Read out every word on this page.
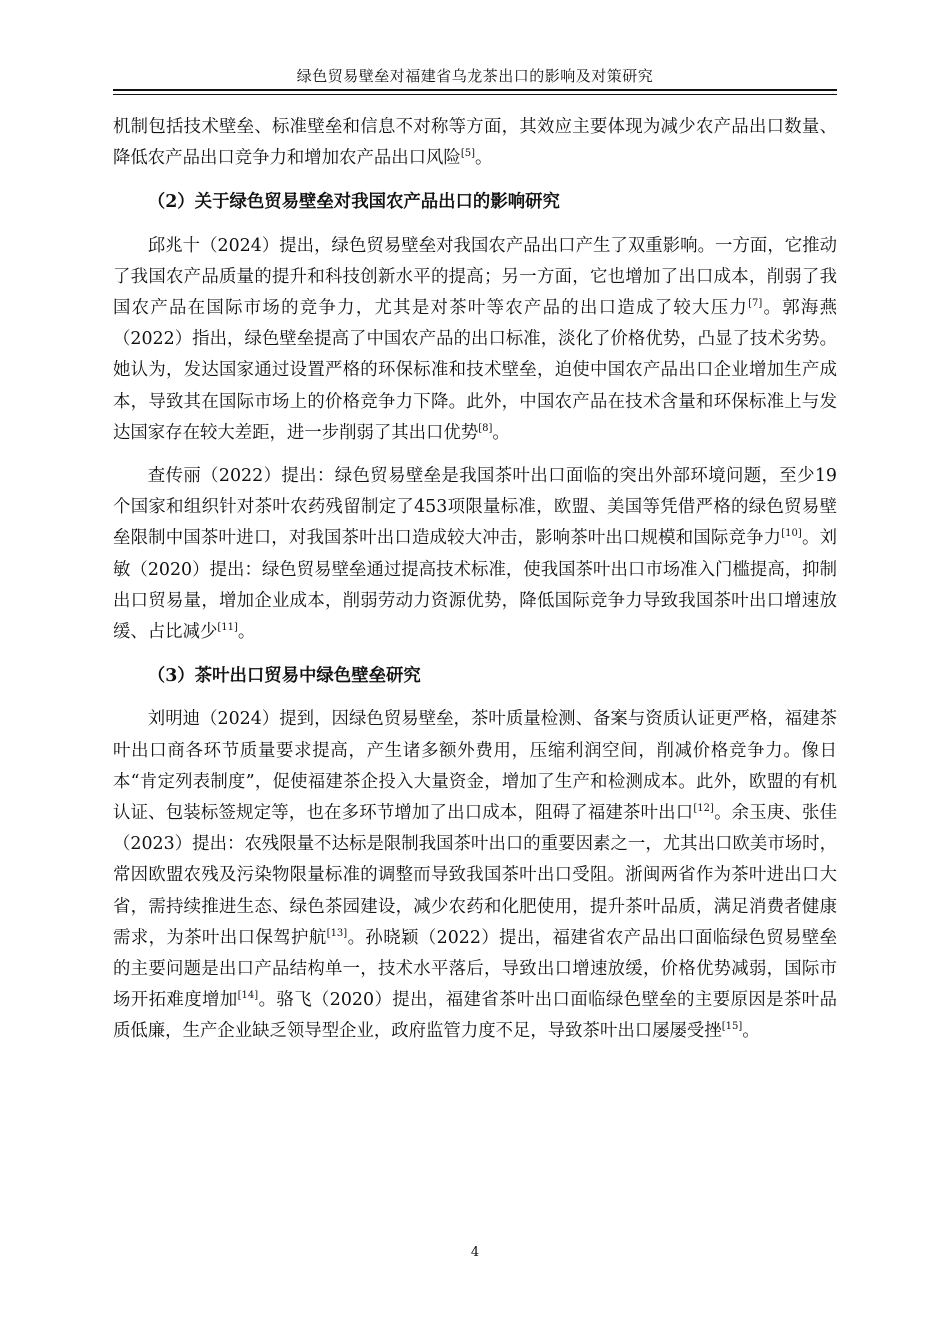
绿色贸易壁垒对福建省乌龙茶出口的影响及对策研究

机制包括技术壁垒、标准壁垒和信息不对称等方面，其效应主要体现为减少农产品出口数量、降低农产品出口竞争力和增加农产品出口风险[5]。

（2）关于绿色贸易壁垒对我国农产品出口的影响研究

邱兆十（2024）提出，绿色贸易壁垒对我国农产品出口产生了双重影响。一方面，它推动了我国农产品质量的提升和科技创新水平的提高；另一方面，它也增加了出口成本，削弱了我国农产品在国际市场的竞争力，尤其是对茶叶等农产品的出口造成了较大压力[7]。郭海燕（2022）指出，绿色壁垒提高了中国农产品的出口标准，淡化了价格优势，凸显了技术劣势。她认为，发达国家通过设置严格的环保标准和技术壁垒，迫使中国农产品出口企业增加生产成本，导致其在国际市场上的价格竞争力下降。此外，中国农产品在技术含量和环保标准上与发达国家存在较大差距，进一步削弱了其出口优势[8]。

查传丽（2022）提出：绿色贸易壁垒是我国茶叶出口面临的突出外部环境问题，至少19个国家和组织针对茶叶农药残留制定了453项限量标准，欧盟、美国等凭借严格的绿色贸易壁垒限制中国茶叶进口，对我国茶叶出口造成较大冲击，影响茶叶出口规模和国际竞争力[10]。刘敏（2020）提出：绿色贸易壁垒通过提高技术标准，使我国茶叶出口市场准入门槛提高，抑制出口贸易量，增加企业成本，削弱劳动力资源优势，降低国际竞争力导致我国茶叶出口增速放缓、占比减少[11]。

（3）茶叶出口贸易中绿色壁垒研究

刘明迪（2024）提到，因绿色贸易壁垒，茶叶质量检测、备案与资质认证更严格，福建茶叶出口商各环节质量要求提高，产生诸多额外费用，压缩利润空间，削减价格竞争力。像日本“肯定列表制度”，促使福建茶企投入大量资金，增加了生产和检测成本。此外，欧盟的有机认证、包装标签规定等，也在多环节增加了出口成本，阻碍了福建茶叶出口[12]。余玉庚、张佳（2023）提出：农残限量不达标是限制我国茶叶出口的重要因素之一，尤其出口欧美市场时，常因欧盟农残及污染物限量标准的调整而导致我国茶叶出口受阻。浙闽两省作为茶叶进出口大省，需持续推进生态、绿色茶园建设，减少农药和化肥使用，提升茶叶品质，满足消费者健康需求，为茶叶出口保驾护航[13]。孙晓颖（2022）提出，福建省农产品出口面临绿色贸易壁垒的主要问题是出口产品结构单一，技术水平落后，导致出口增速放缓，价格优势减弱，国际市场开拓难度增加[14]。骆飞（2020）提出，福建省茶叶出口面临绿色壁垒的主要原因是茶叶品质低廉，生产企业缺乏领导型企业，政府监管力度不足，导致茶叶出口屡屡受挫[15]。

4
